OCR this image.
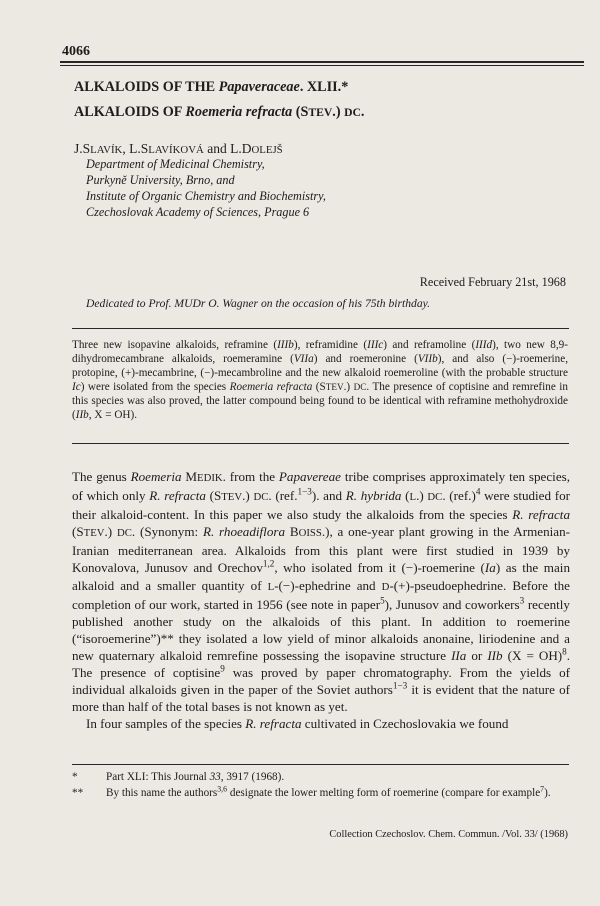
4066
ALKALOIDS OF THE Papaveraceae. XLII.*
ALKALOIDS OF Roemeria refracta (STEV.) DC.
J.SLAVÍK, L.SLAVÍKOVÁ and L.DOLEJŠ
Department of Medicinal Chemistry,
Purkyně University, Brno, and
Institute of Organic Chemistry and Biochemistry,
Czechoslovak Academy of Sciences, Prague 6
Received February 21st, 1968
Dedicated to Prof. MUDr O. Wagner on the occasion of his 75th birthday.
Three new isopavine alkaloids, reframine (IIIb), reframidine (IIIc) and reframoline (IIId), two new 8,9-dihydromecambrane alkaloids, roemeramine (VIIa) and roemeronine (VIIb), and also (−)-roemerine, protopine, (+)-mecambrine, (−)-mecambroline and the new alkaloid roemeroline (with the probable structure Ic) were isolated from the species Roemeria refracta (STEV.) DC. The presence of coptisine and remrefine in this species was also proved, the latter compound being found to be identical with reframine methohydroxide (IIb, X = OH).

The genus Roemeria MEDIK. from the Papavereae tribe comprises approximately ten species, of which only R. refracta (STEV.) DC. (ref.$^{1-3}$). and R. hybrida (L.) DC. $(ref.)^4$ were studied for their alkaloid-content. In this paper we also study the alkaloids from the species R. refracta (STEV.) DC. (Synonym: R. rhoeadiflora BOISS.), a one-year plant growing in the Armenian-Iranian mediterranean area. Alkaloids from this plant were first studied in 1939 by Konovalova, Junusov and Orechov$^{1,2}$, who isolated from it (−)-roemerine (Ia) as the main alkaloid and a smaller quantity of L-(−)-ephedrine and D-(+)-pseudoephedrine. Before the completion of our work, started in 1956 (see note in paper$^5$), Junusov and coworkers$^3$ recently published another study on the alkaloids of this plant. In addition to roemerine (“isoroemerine”)** they isolated a low yield of minor alkaloids anonaine, liriodenine and a new quaternary alkaloid remrefine possessing the isopavine structure IIa or IIb (X = OH)$^8$. The presence of coptisine$^9$ was proved by paper chromatography. From the yields of individual alkaloids given in the paper of the Soviet authors$^{1-3}$ it is evident that the nature of more than half of the total bases is not known as yet.

In four samples of the species R. refracta cultivated in Czechoslovakia we found

*	Part XLI: This Journal 33, 3917 (1968).
** By this name the authors$^{3,6}$ designate the lower melting form of roemerine (compare for example$^7$).
Collection Czechoslov. Chem. Commun. /Vol. 33/ (1968)
